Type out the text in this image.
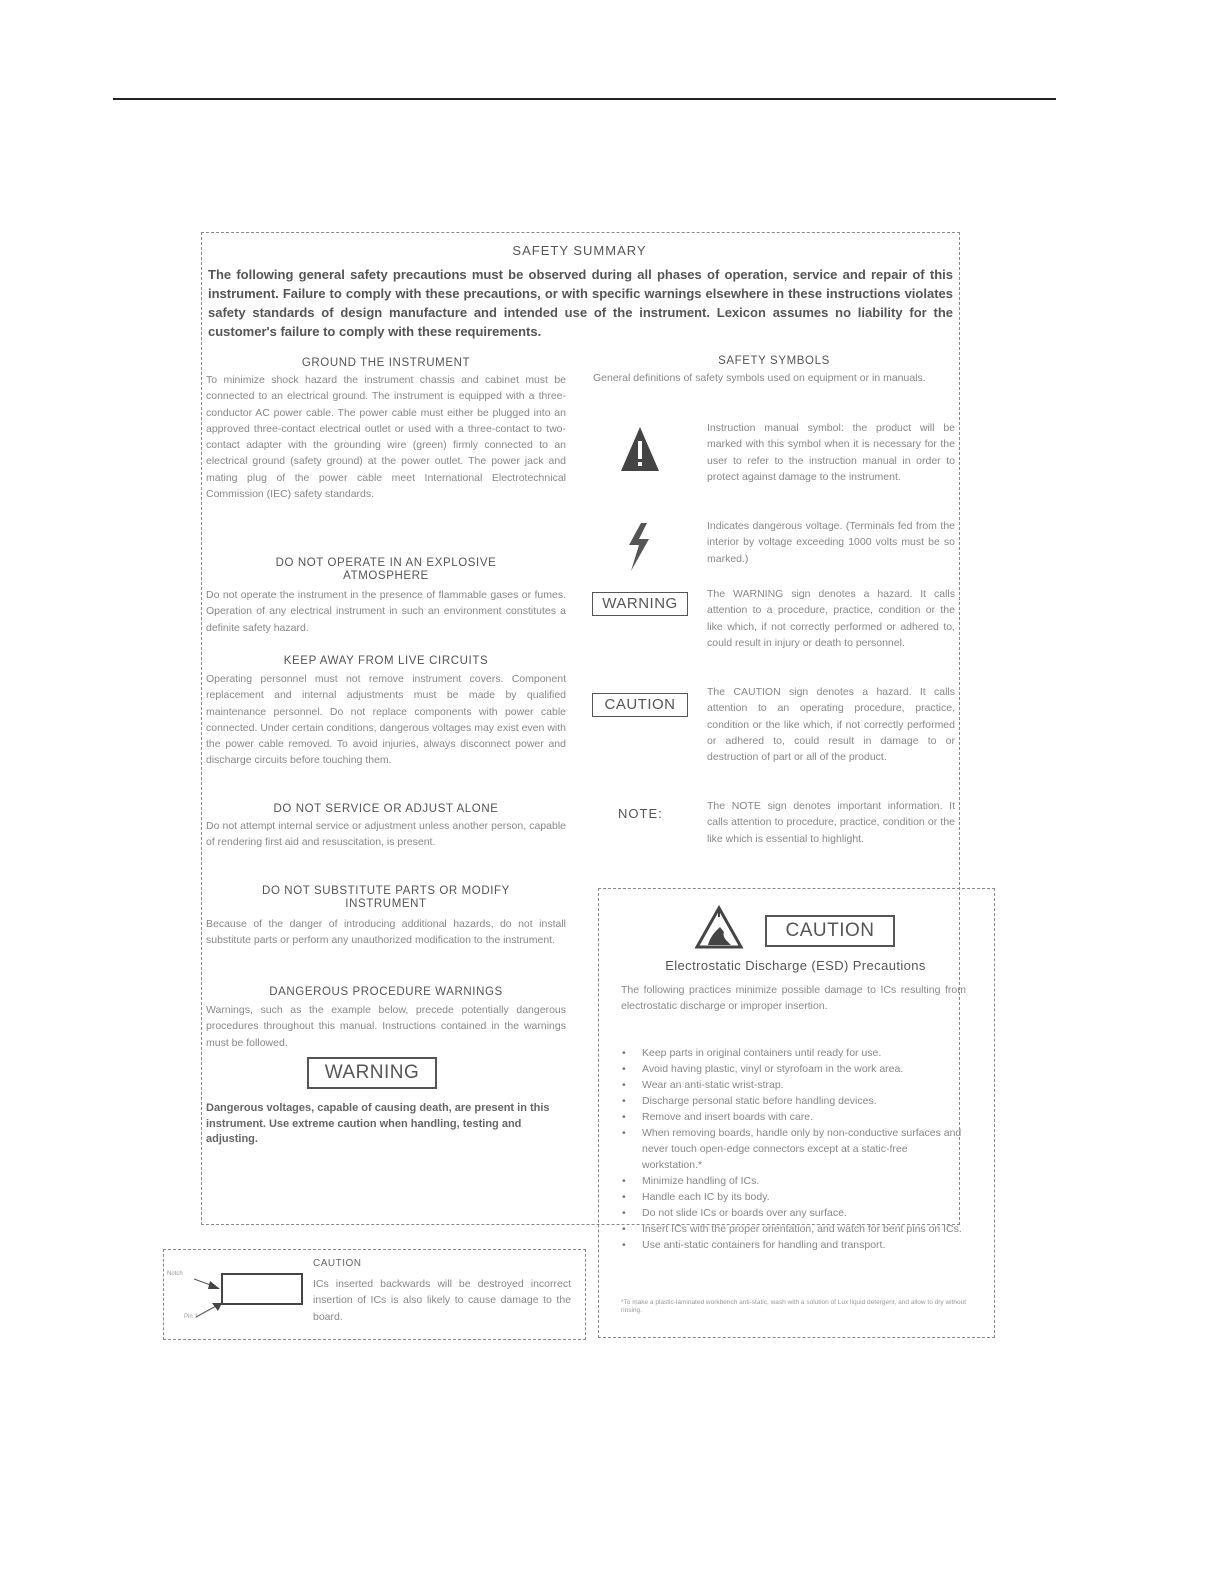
SAFETY SUMMARY
The following general safety precautions must be observed during all phases of operation, service and repair of this instrument. Failure to comply with these precautions, or with specific warnings elsewhere in these instructions violates safety standards of design manufacture and intended use of the instrument. Lexicon assumes no liability for the customer's failure to comply with these requirements.
GROUND THE INSTRUMENT
To minimize shock hazard the instrument chassis and cabinet must be connected to an electrical ground. The instrument is equipped with a three-conductor AC power cable. The power cable must either be plugged into an approved three-contact electrical outlet or used with a three-contact to two-contact adapter with the grounding wire (green) firmly connected to an electrical ground (safety ground) at the power outlet. The power jack and mating plug of the power cable meet International Electrotechnical Commission (IEC) safety standards.
DO NOT OPERATE IN AN EXPLOSIVE ATMOSPHERE
Do not operate the instrument in the presence of flammable gases or fumes. Operation of any electrical instrument in such an environment constitutes a definite safety hazard.
KEEP AWAY FROM LIVE CIRCUITS
Operating personnel must not remove instrument covers. Component replacement and internal adjustments must be made by qualified maintenance personnel. Do not replace components with power cable connected. Under certain conditions, dangerous voltages may exist even with the power cable removed. To avoid injuries, always disconnect power and discharge circuits before touching them.
DO NOT SERVICE OR ADJUST ALONE
Do not attempt internal service or adjustment unless another person, capable of rendering first aid and resuscitation, is present.
DO NOT SUBSTITUTE PARTS OR MODIFY INSTRUMENT
Because of the danger of introducing additional hazards, do not install substitute parts or perform any unauthorized modification to the instrument.
DANGEROUS PROCEDURE WARNINGS
Warnings, such as the example below, precede potentially dangerous procedures throughout this manual. Instructions contained in the warnings must be followed.
WARNING
Dangerous voltages, capable of causing death, are present in this instrument. Use extreme caution when handling, testing and adjusting.
SAFETY SYMBOLS
General definitions of safety symbols used on equipment or in manuals.
Instruction manual symbol: the product will be marked with this symbol when it is necessary for the user to refer to the instruction manual in order to protect against damage to the instrument.
Indicates dangerous voltage. (Terminals fed from the interior by voltage exceeding 1000 volts must be so marked.)
WARNING
The WARNING sign denotes a hazard. It calls attention to a procedure, practice, condition or the like which, if not correctly performed or adhered to, could result in injury or death to personnel.
CAUTION
The CAUTION sign denotes a hazard. It calls attention to an operating procedure, practice, condition or the like which, if not correctly performed or adhered to, could result in damage to or destruction of part or all of the product.
NOTE:	The NOTE sign denotes important information. It calls attention to procedure, practice, condition or the like which is essential to highlight.
CAUTION
Electrostatic Discharge (ESD) Precautions
The following practices minimize possible damage to ICs resulting from electrostatic discharge or improper insertion.
• Keep parts in original containers until ready for use.
• Avoid having plastic, vinyl or styrofoam in the work area.
• Wear an anti-static wrist-strap.
• Discharge personal static before handling devices.
• Remove and insert boards with care.
• When removing boards, handle only by non-conductive surfaces and never touch open-edge connectors except at a static-free workstation.*
• Minimize handling of ICs.
• Handle each IC by its body.
• Do not slide ICs or boards over any surface.
• Insert ICs with the proper orientation, and watch for bent pins on ICs.
• Use anti-static containers for handling and transport.
*To make a plastic-laminated workbench anti-static, wash with a solution of Lux liquid detergent, and allow to dry without rinsing.
Notch
Pin 1
CAUTION
ICs inserted backwards will be destroyed incorrect insertion of ICs is also likely to cause damage to the board.
